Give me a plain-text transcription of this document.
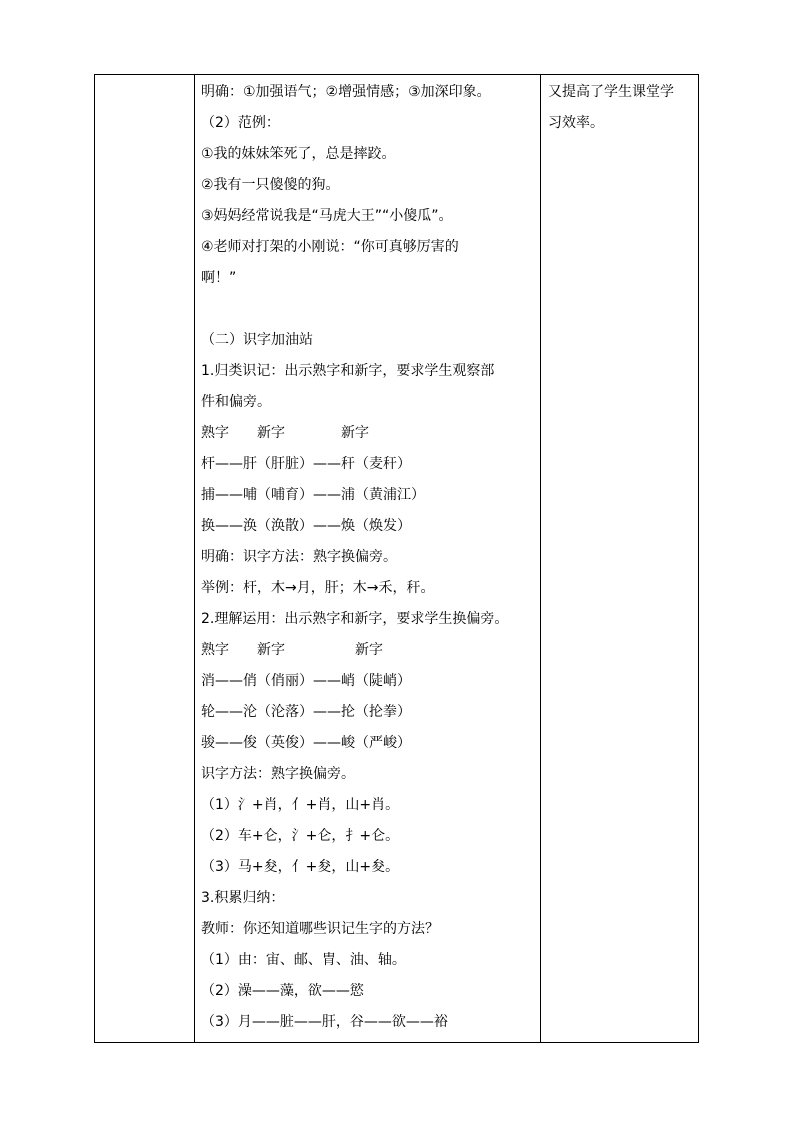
明确：①加强语气；②增强情感；③加深印象。
（2）范例：
①我的妹妹笨死了，总是摔跤。
②我有一只傻傻的狗。
③妈妈经常说我是“马虎大王”“小傻瓜”。
④老师对打架的小刚说：“你可真够厉害的
啊！”
（二）识字加油站
1.归类识记：出示熟字和新字，要求学生观察部
件和偏旁。
熟字　　新字　　　　新字
杆——肝（肝脏）——秆（麦秆）
捕——哺（哺育）——浦（黄浦江）
换——涣（涣散）——焕（焕发）
明确：识字方法：熟字换偏旁。
举例：杆，木→月，肝；木→禾，秆。
2.理解运用：出示熟字和新字，要求学生换偏旁。
熟字　　新字　　　　　新字
消——俏（俏丽）——峭（陡峭）
轮——沦（沦落）——抡（抡拳）
骏——俊（英俊）——峻（严峻）
识字方法：熟字换偏旁。
（1）氵+肖，亻+肖，山+肖。
（2）车+仑，氵+仑，扌+仑。
（3）马+夋，亻+夋，山+夋。
3.积累归纳：
教师：你还知道哪些识记生字的方法？
（1）由：宙、邮、胄、油、轴。
（2）澡——藻，欲——慾
（3）月——脏——肝，谷——欲——裕
又提高了学生课堂学
习效率。
